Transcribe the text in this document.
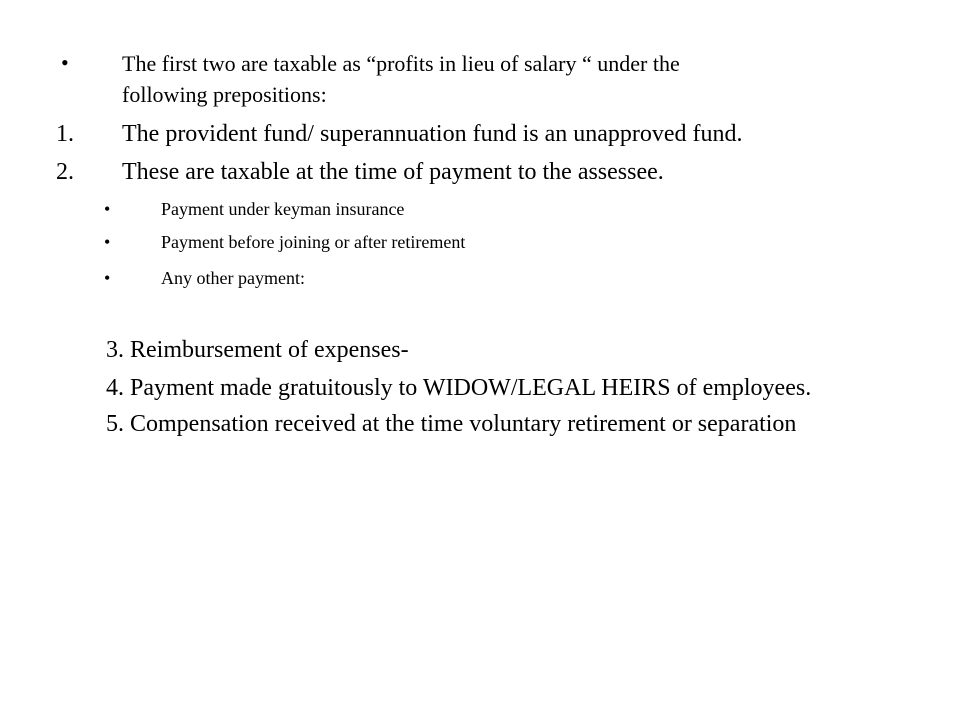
• The first two are taxable as “profits in lieu of salary “ under the
following prepositions:
1. The provident fund/ superannuation fund is an unapproved fund.
2. These are taxable at the time of payment to the assessee.
•	Payment under keyman insurance
•	Payment before joining or after retirement
•	Any other payment:
3. Reimbursement of expenses-
4. Payment made gratuitously to WIDOW/LEGAL HEIRS of employees.
5. Compensation received at the time voluntary retirement or separation
